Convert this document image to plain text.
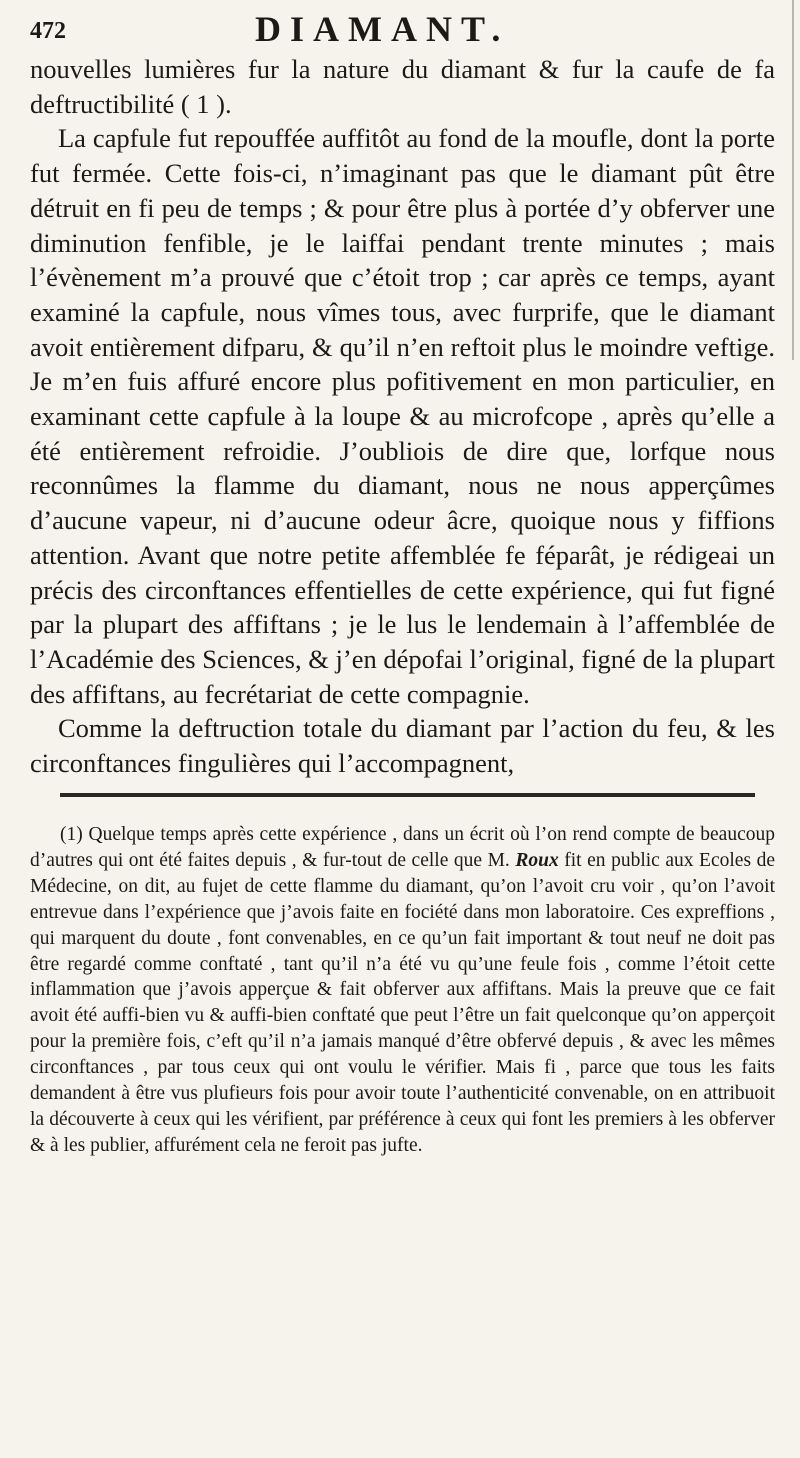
472	DIAMANT.

nouvelles lumières fur la nature du diamant & fur la caufe de fa deftructibilité ( 1 ).

La capfule fut repouffée auffitôt au fond de la moufle, dont la porte fut fermée. Cette fois-ci, n’imaginant pas que le diamant pût être détruit en fi peu de temps ; & pour être plus à portée d’y obferver une diminution fenfible, je le laiffai pendant trente minutes ; mais l’évènement m’a prouvé que c’étoit trop ; car après ce temps, ayant examiné la capfule, nous vîmes tous, avec furprife, que le diamant avoit entièrement difparu, & qu’il n’en reftoit plus le moindre veftige. Je m’en fuis affuré encore plus pofitivement en mon particulier, en examinant cette capfule à la loupe & au microfcope , après qu’elle a été entièrement refroidie. J’oubliois de dire que, lorfque nous reconnûmes la flamme du diamant, nous ne nous apperçûmes d’aucune vapeur, ni d’aucune odeur âcre, quoique nous y fiffions attention. Avant que notre petite affemblée fe féparât, je rédigeai un précis des circonftances effentielles de cette expérience, qui fut figné par la plupart des affiftans ; je le lus le lendemain à l’affemblée de l’Académie des Sciences, & j’en dépofai l’original, figné de la plupart des affiftans, au fecrétariat de cette compagnie.

Comme la deftruction totale du diamant par l’action du feu, & les circonftances fingulières qui l’accompagnent,

(1) Quelque temps après cette expérience , dans un écrit où l’on rend compte de beaucoup d’autres qui ont été faites depuis , & fur-tout de celle que M. Roux fit en public aux Ecoles de Médecine, on dit, au fujet de cette flamme du diamant, qu’on l’avoit cru voir , qu’on l’avoit entrevue dans l’expérience que j’avois faite en fociété dans mon laboratoire. Ces expreffions , qui marquent du doute , font convenables, en ce qu’un fait important & tout neuf ne doit pas être regardé comme conftaté , tant qu’il n’a été vu qu’une feule fois , comme l’étoit cette inflammation que j’avois apperçue & fait obferver aux affiftans. Mais la preuve que ce fait avoit été auffi-bien vu & auffi-bien conftaté que peut l’être un fait quelconque qu’on apperçoit pour la première fois, c’eft qu’il n’a jamais manqué d’être obfervé depuis , & avec les mêmes circonftances , par tous ceux qui ont voulu le vérifier. Mais fi , parce que tous les faits demandent à être vus plufieurs fois pour avoir toute l’authenticité convenable, on en attribuoit la découverte à ceux qui les vérifient, par préférence à ceux qui font les premiers à les obferver & à les publier, affurément cela ne feroit pas jufte.
